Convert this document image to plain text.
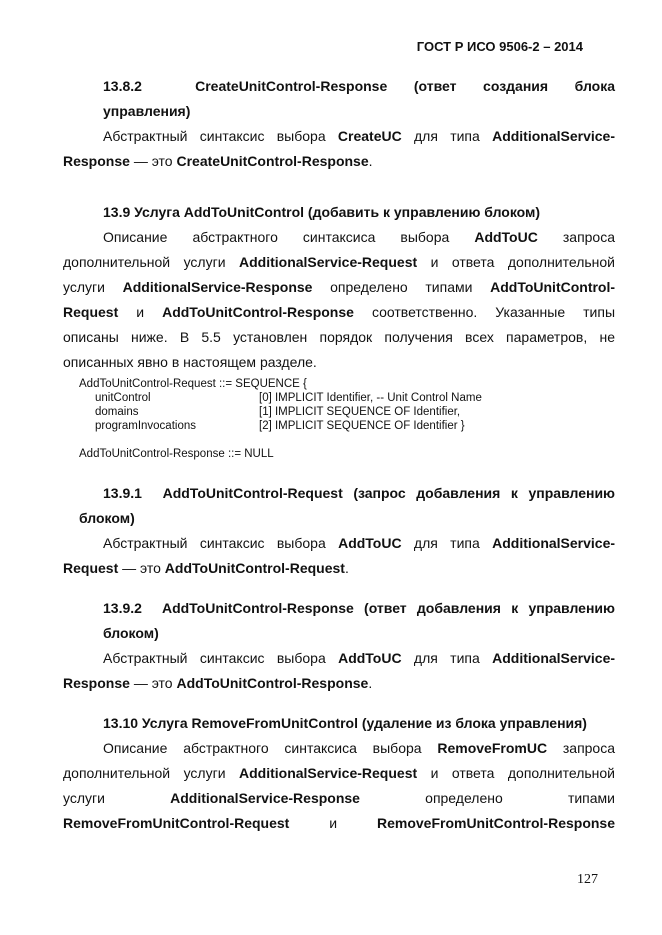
ГОСТ Р ИСО 9506-2 – 2014
13.8.2	CreateUnitControl-Response (ответ создания блока
управления)
Абстрактный синтаксис выбора CreateUC для типа AdditionalService-
Response — это CreateUnitControl-Response.
13.9 Услуга AddToUnitControl (добавить к управлению блоком)
Описание абстрактного синтаксиса выбора AddToUC запроса
дополнительной услуги AdditionalService-Request и ответа дополнительной
услуги AdditionalService-Response определено типами AddToUnitControl-
Request и AddToUnitControl-Response соответственно. Указанные типы
описаны ниже. В 5.5 установлен порядок получения всех параметров, не
описанных явно в настоящем разделе.
AddToUnitControl-Request ::= SEQUENCE {
unitControl	[0] IMPLICIT Identifier, -- Unit Control Name
domains	[1] IMPLICIT SEQUENCE OF Identifier,
programInvocations	[2] IMPLICIT SEQUENCE OF Identifier }
AddToUnitControl-Response ::= NULL
13.9.1 AddToUnitControl-Request (запрос добавления к управлению
блоком)
Абстрактный синтаксис выбора AddToUC для типа AdditionalService-
Request — это AddToUnitControl-Request.
13.9.2 AddToUnitControl-Response (ответ добавления к управлению
блоком)
Абстрактный синтаксис выбора AddToUC для типа AdditionalService-
Response — это AddToUnitControl-Response.
13.10 Услуга RemoveFromUnitControl (удаление из блока управления)
Описание абстрактного синтаксиса выбора RemoveFromUC запроса
дополнительной услуги AdditionalService-Request и ответа дополнительной
услуги	AdditionalService-Response	определено	типами
RemoveFromUnitControl-Request	и	RemoveFromUnitControl-Response
127
